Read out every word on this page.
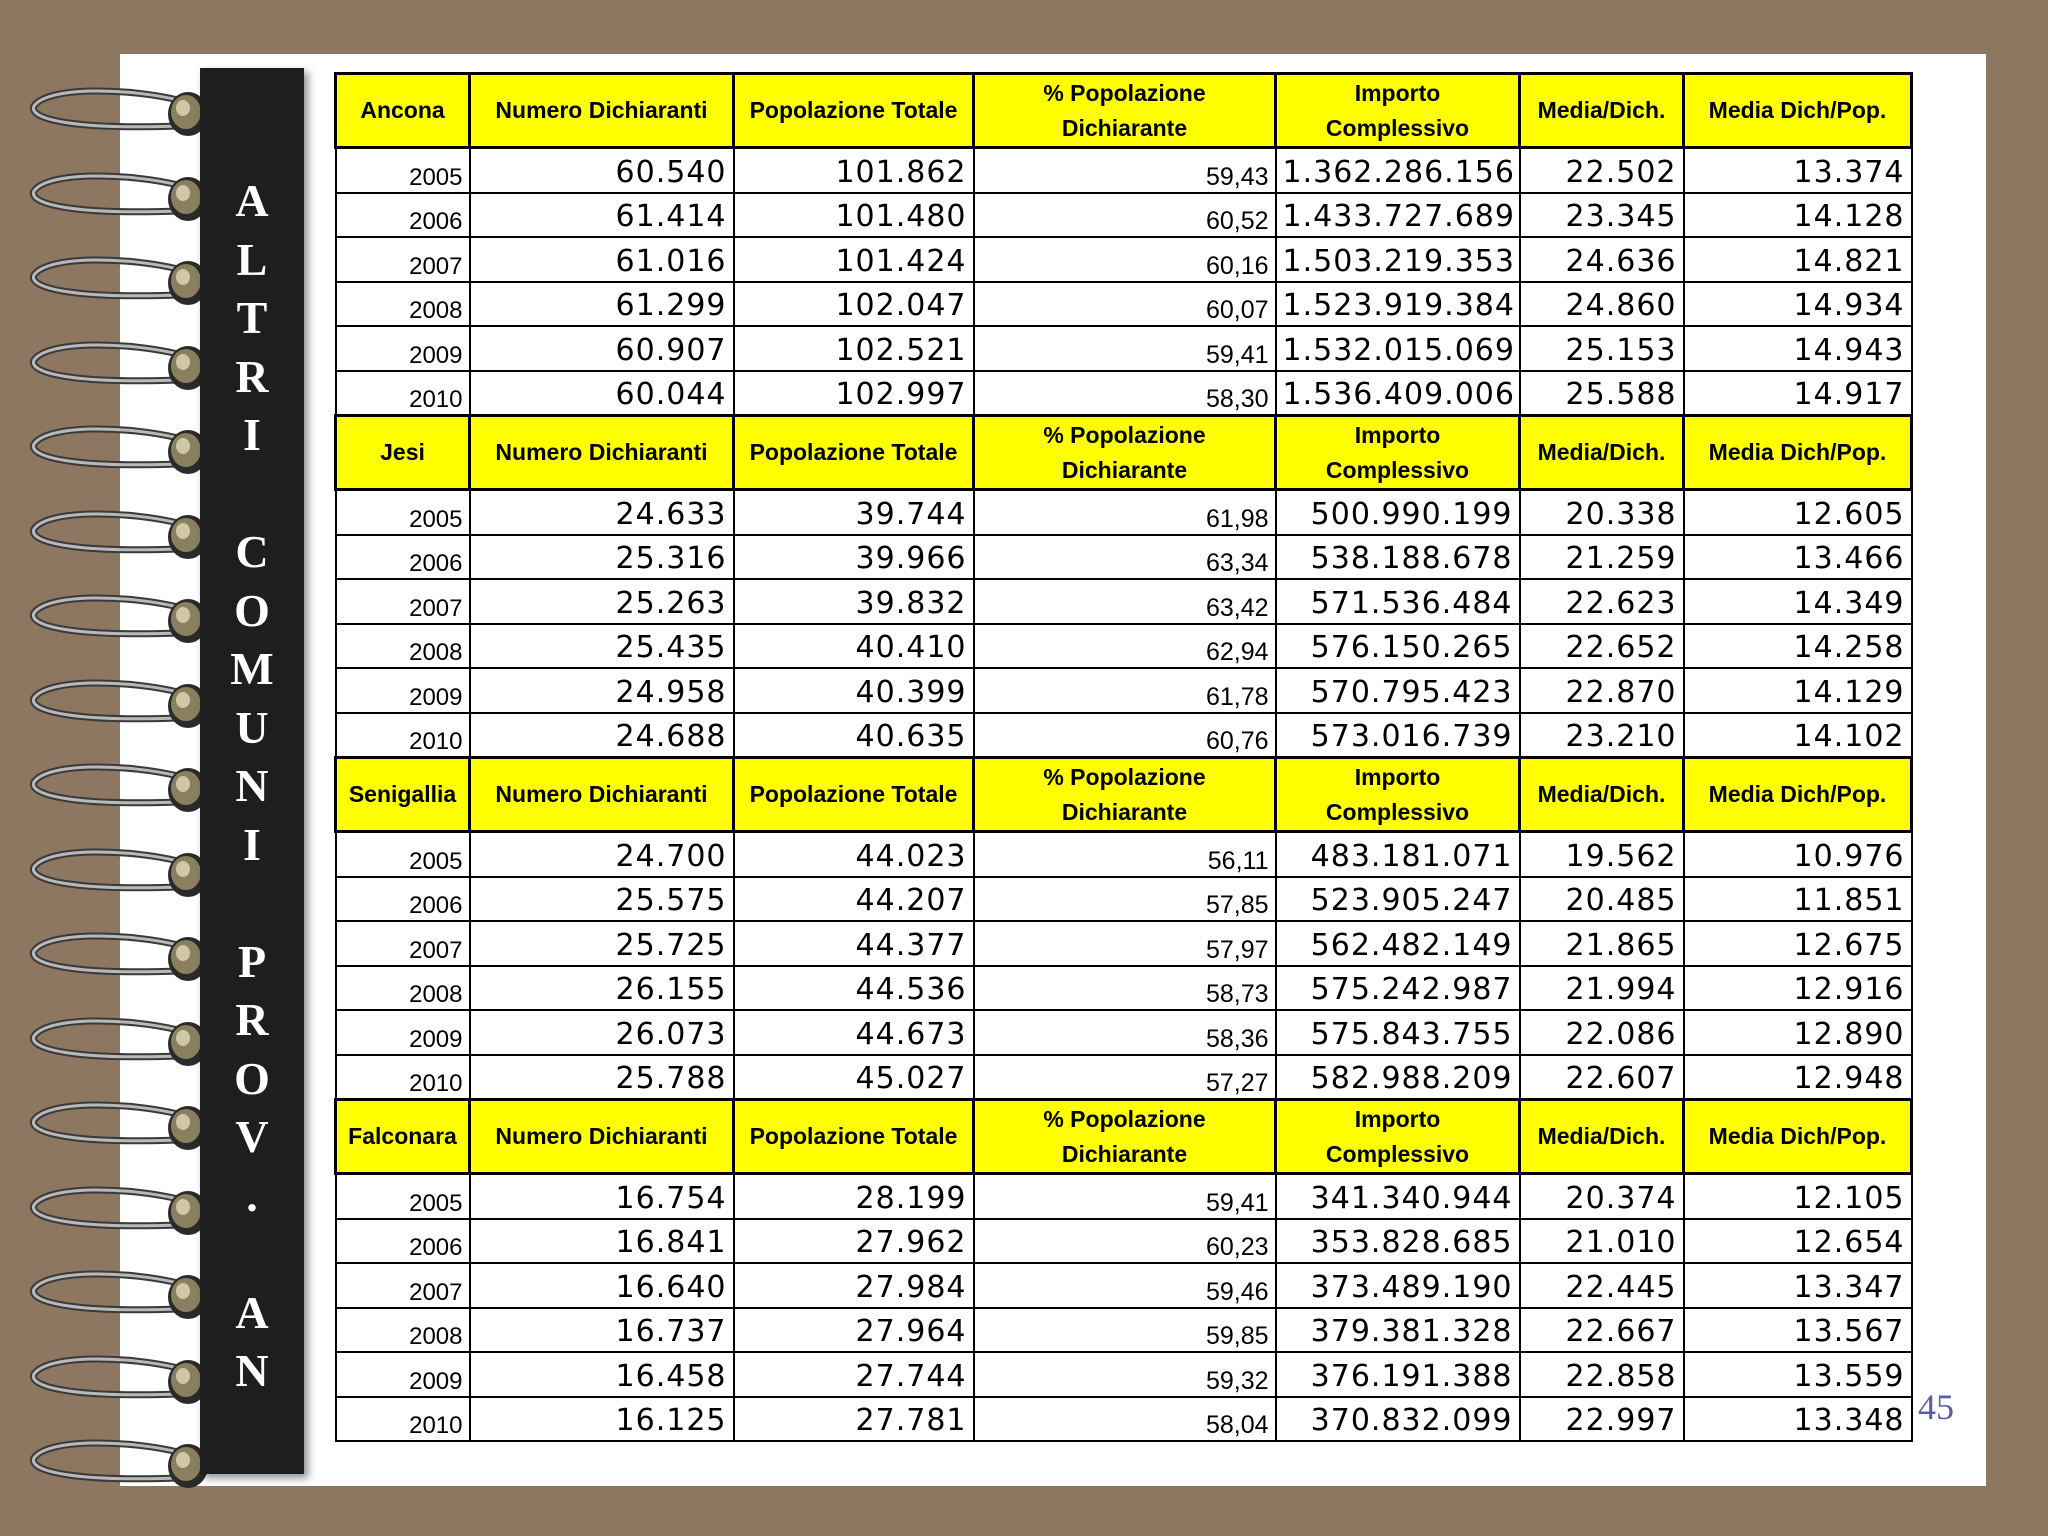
A
L
T
R
I
C
O
M
U
N
I
P
R
O
V
.
A
N
Ancona	Numero Dichiaranti	Popolazione Totale	% Popolazione Dichiarante	Importo Complessivo	Media/Dich.	Media Dich/Pop.
2005	60.540	101.862	59,43	1.362.286.156	22.502	13.374
2006	61.414	101.480	60,52	1.433.727.689	23.345	14.128
2007	61.016	101.424	60,16	1.503.219.353	24.636	14.821
2008	61.299	102.047	60,07	1.523.919.384	24.860	14.934
2009	60.907	102.521	59,41	1.532.015.069	25.153	14.943
2010	60.044	102.997	58,30	1.536.409.006	25.588	14.917
Jesi	Numero Dichiaranti	Popolazione Totale	% Popolazione Dichiarante	Importo Complessivo	Media/Dich.	Media Dich/Pop.
2005	24.633	39.744	61,98	500.990.199	20.338	12.605
2006	25.316	39.966	63,34	538.188.678	21.259	13.466
2007	25.263	39.832	63,42	571.536.484	22.623	14.349
2008	25.435	40.410	62,94	576.150.265	22.652	14.258
2009	24.958	40.399	61,78	570.795.423	22.870	14.129
2010	24.688	40.635	60,76	573.016.739	23.210	14.102
Senigallia	Numero Dichiaranti	Popolazione Totale	% Popolazione Dichiarante	Importo Complessivo	Media/Dich.	Media Dich/Pop.
2005	24.700	44.023	56,11	483.181.071	19.562	10.976
2006	25.575	44.207	57,85	523.905.247	20.485	11.851
2007	25.725	44.377	57,97	562.482.149	21.865	12.675
2008	26.155	44.536	58,73	575.242.987	21.994	12.916
2009	26.073	44.673	58,36	575.843.755	22.086	12.890
2010	25.788	45.027	57,27	582.988.209	22.607	12.948
Falconara	Numero Dichiaranti	Popolazione Totale	% Popolazione Dichiarante	Importo Complessivo	Media/Dich.	Media Dich/Pop.
2005	16.754	28.199	59,41	341.340.944	20.374	12.105
2006	16.841	27.962	60,23	353.828.685	21.010	12.654
2007	16.640	27.984	59,46	373.489.190	22.445	13.347
2008	16.737	27.964	59,85	379.381.328	22.667	13.567
2009	16.458	27.744	59,32	376.191.388	22.858	13.559
2010	16.125	27.781	58,04	370.832.099	22.997	13.348 45
